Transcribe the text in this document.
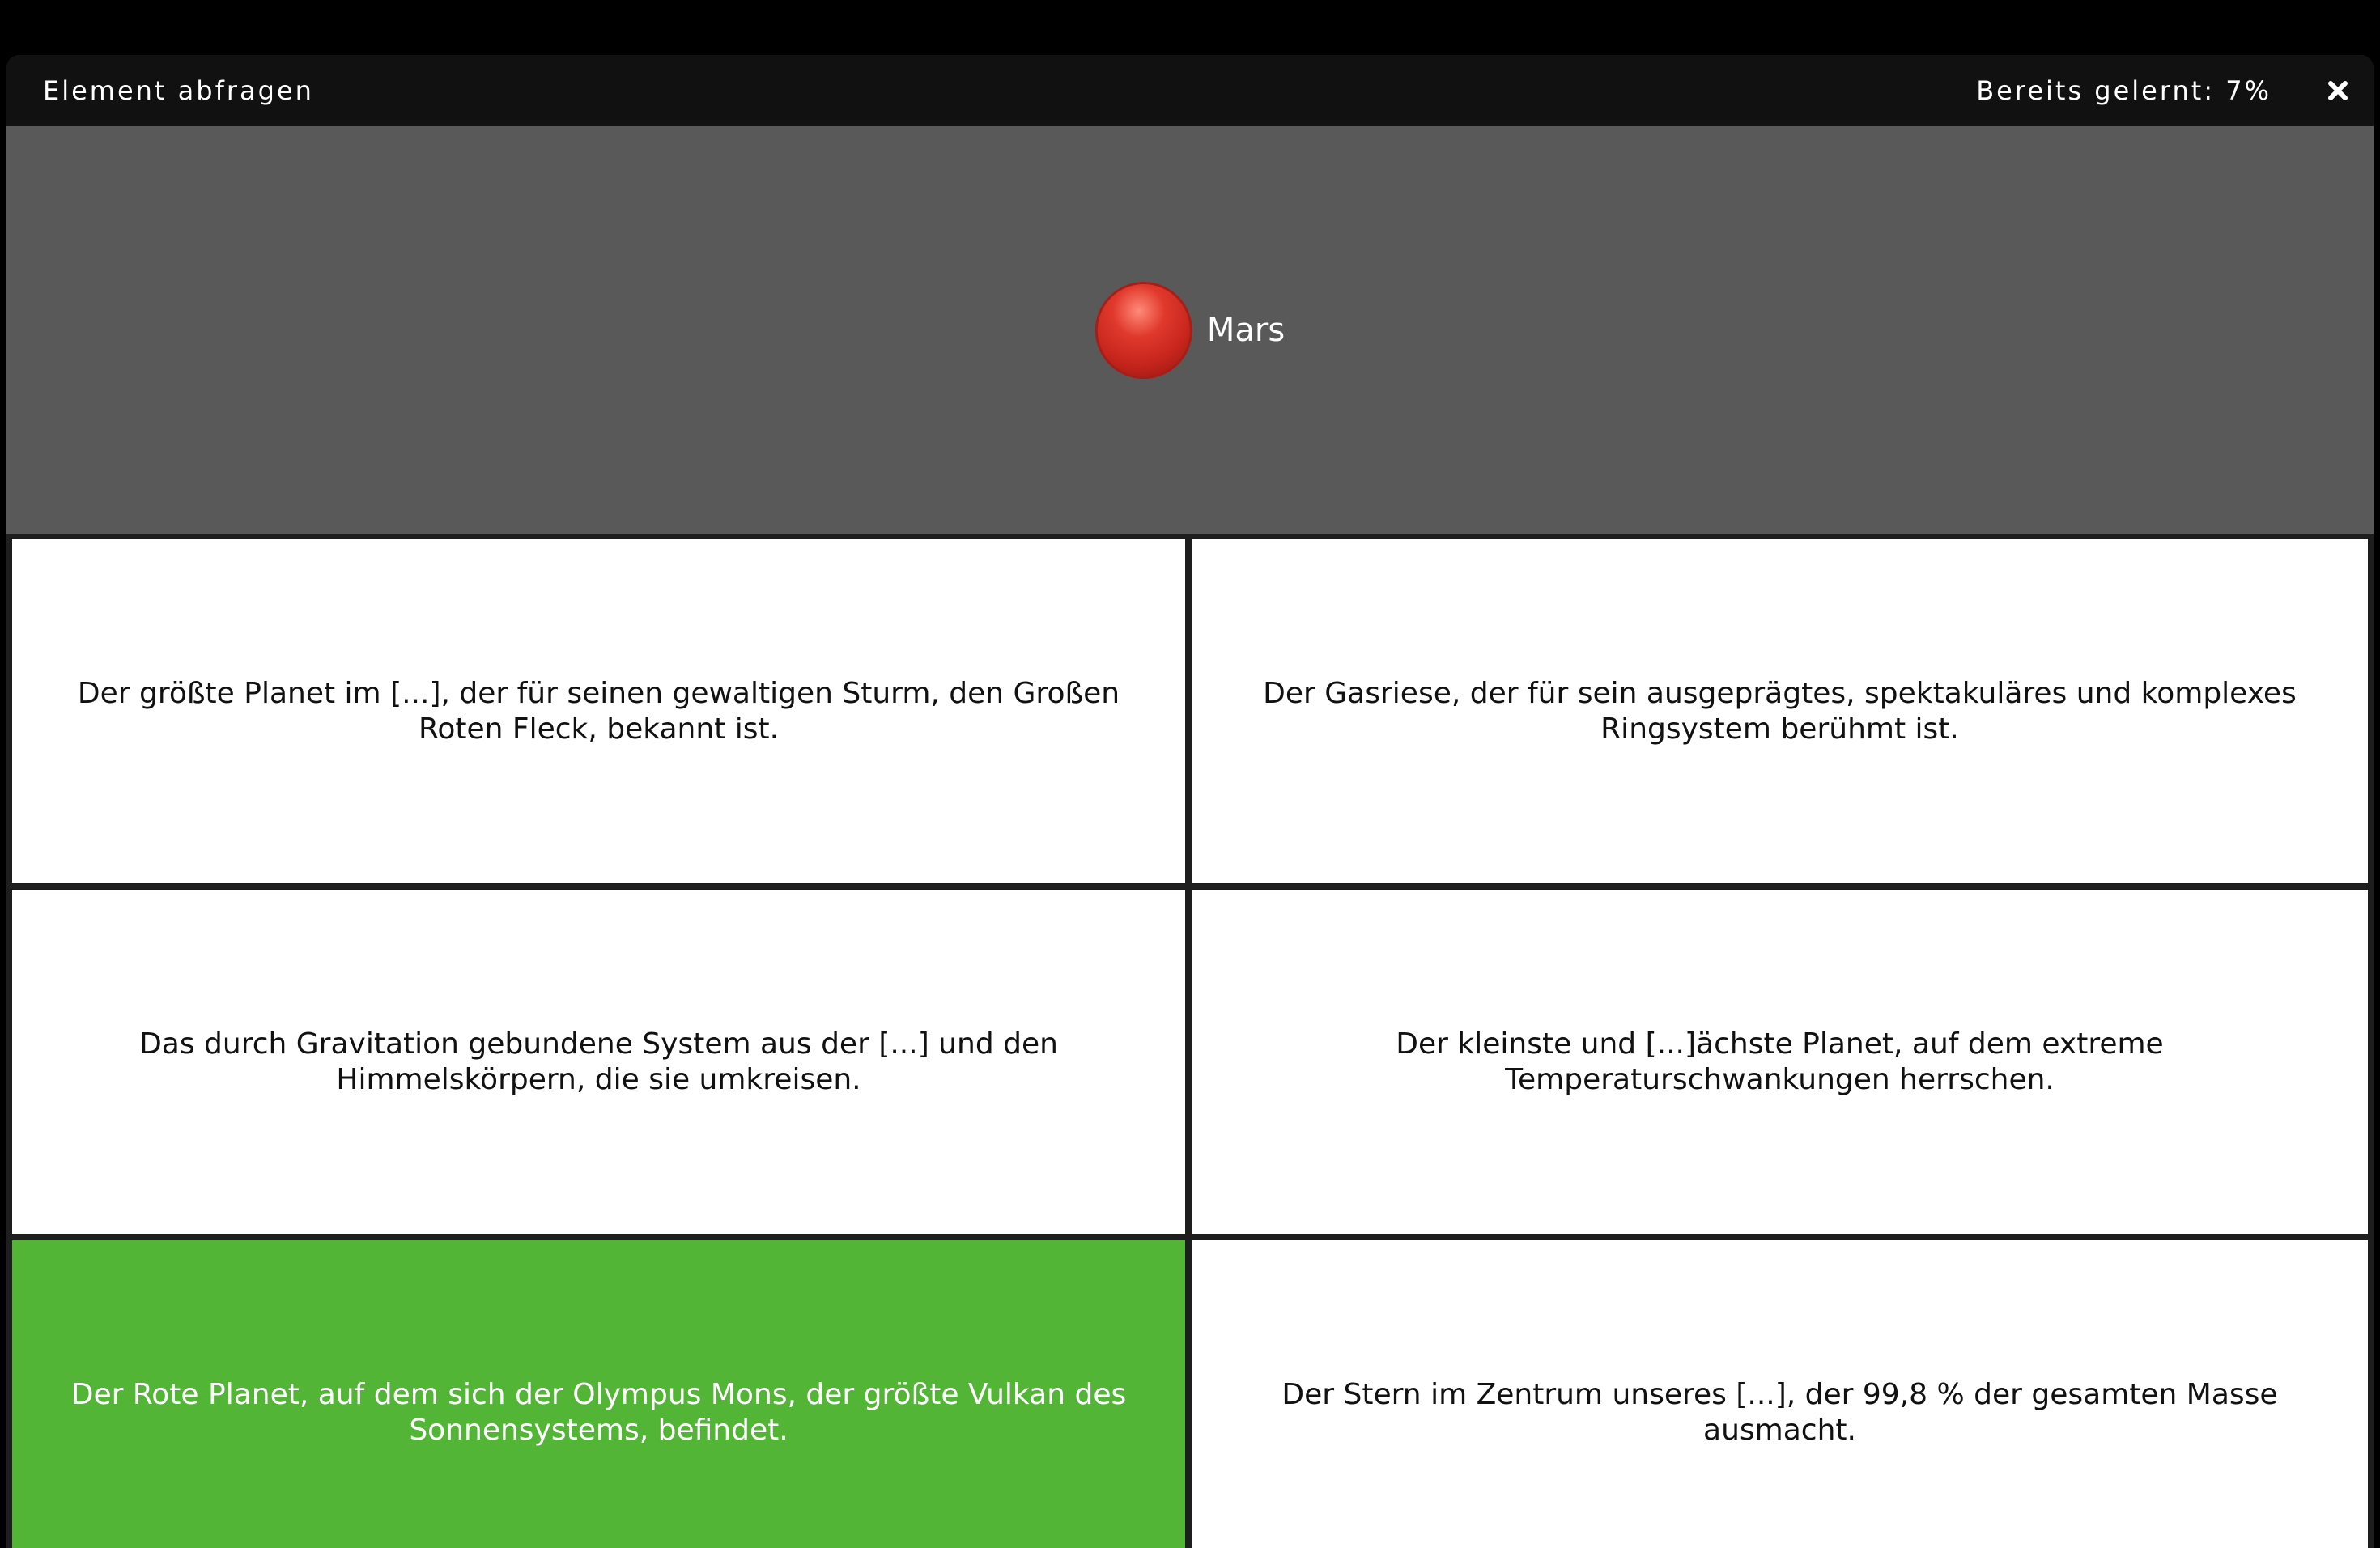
Element abfragen	Bereits gelernt: 7%
Mars
Der größte Planet im [...], der für seinen gewaltigen Sturm, den Großen Roten Fleck, bekannt ist.
Der Gasriese, der für sein ausgeprägtes, spektakuläres und komplexes Ringsystem berühmt ist.
Das durch Gravitation gebundene System aus der [...] und den Himmelskörpern, die sie umkreisen.
Der kleinste und [...]ächste Planet, auf dem extreme Temperaturschwankungen herrschen.
Der Rote Planet, auf dem sich der Olympus Mons, der größte Vulkan des Sonnensystems, befindet.
Der Stern im Zentrum unseres [...], der 99,8 % der gesamten Masse ausmacht.
